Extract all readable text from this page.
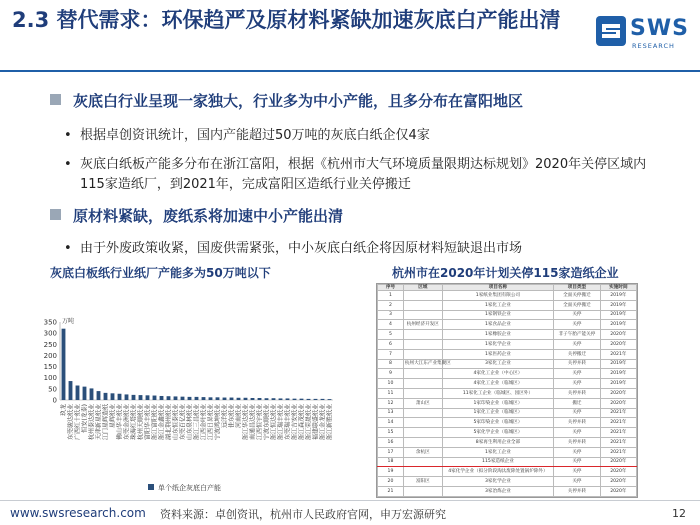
2.3 替代需求：环保趋严及原材料紧缺加速灰底白产能出清	SWS
RESEARCH
灰底白行业呈现一家独大，行业多为中小产能，且多分布在富阳地区
• 根据卓创资讯统计，国内产能超过50万吨的灰底白纸企仅4家
• 灰底白纸板产能多分布在浙江富阳，根据《杭州市大气环境质量限期达标规划》2020年关停区域内115家造纸厂，到2021年，完成富阳区造纸行业关停搬迁
原材料紧缺，废纸系将加速中小产能出清
• 由于外废政策收紧，国废供需紧张，中小灰底白纸企将因原材料短缺退出市场
灰底白板纸行业纸厂产能多为50万吨以下
0
50
100
150
200
250
300
350 万吨
玖龙 东莞骏达纸业 广西红十纸业 恒安(龙泰) 杭州泰达纸业 天津新星纸业 江门星辉造纸 星辉纸业 佛山华丰纸业 东莞金洲纸业 珠海红塔纸业 杭州天顺纸业 富阳华丰纸业 浙江富阳纸业 浙江金鑫纸业 湖北荆州纸业 山东恒泰纸业 东莞百亿纸业 山东泉林纸业 浙江三昌纸业 江西金叶纸业 江西日昇纸业 宁波鸿坤纸业 远洋纸业 佳东纸业 河南纸业 浙江华达纸业 南通昌达纸业 江西恒宇纸业 宁波东顺纸业 浙江恒达纸业 浙江瑞丰纸业 东莞瑞丰纸业 浙江吉安纸业 浙江森茂纸业 浙江荣晟纸业 福建联盛纸业 浙江金龙纸业 浙江新胜纸业
单个纸企灰底白产能
杭州市在2020年计划关停115家造纸企业
序号	区域	项目名称	项目类型	实施时间
1		1家纸业集团有限公司	全面关停搬迁	2019年
2		1家化工企业	全面关停搬迁	2019年
3		1家钢铁企业	关停	2019年
4	杭州经济开发区	1家食品企业	关停	2019年
5		1家橡胶企业	非子午胎产能关停	2020年
6		1家化学企业	关停	2020年
7		1家医药企业	关停搬迁	2021年
8	杭州大江东产业集聚区	3家化工企业	关停并转	2019年
9		4家化工企业（中心区）	关停	2019年
10		4家化工企业（临城区）	关停	2019年
11		11家化工企业（临城区、园区外）	关停并转	2020年
12	萧山区	1家印染企业（临城区）	搬迁	2020年
13		1家化工企业（临城区）	关停	2021年
14		5家印染企业（临城区）	关停并转	2021年
15		5家化学企业（临城区）	关停	2021年
16		8家再生利用企业全部	关停并转	2021年
17	余杭区	1家化工企业	关停	2021年
18		115家造纸企业	关停	2020年
19		4家化学企业（拟分阶段淘汰废除处置锅炉除外）	关停	2020年
20	富阳区	3家化学企业	关停	2020年
21		3家冶炼企业	关停并转	2020年
www.swsresearch.com 资料来源：卓创资讯，杭州市人民政府官网，申万宏源研究	12
